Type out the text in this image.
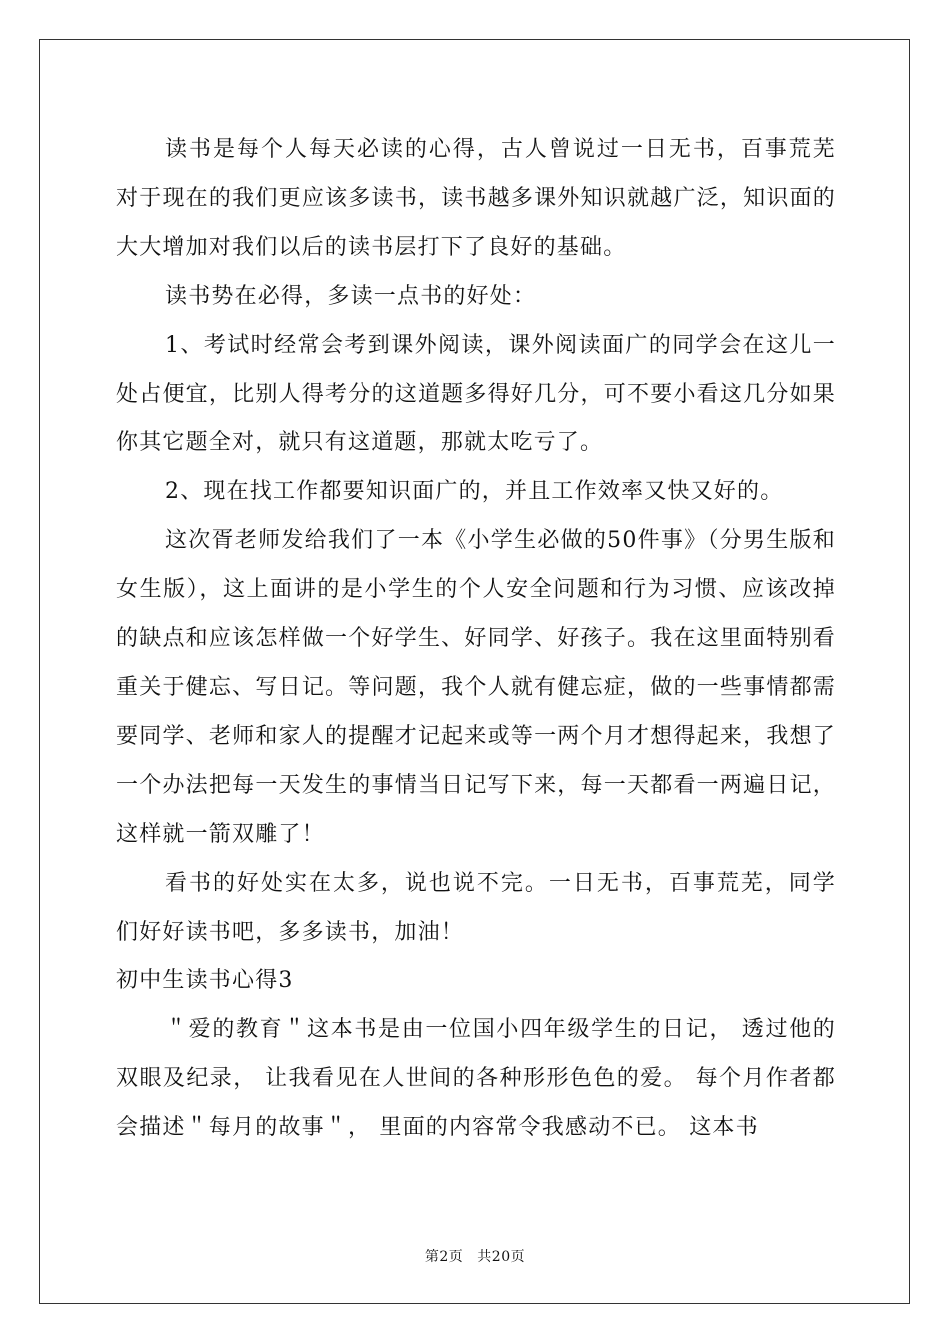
读书是每个人每天必读的心得，古人曾说过一日无书，百事荒芜对于现在的我们更应该多读书，读书越多课外知识就越广泛，知识面的大大增加对我们以后的读书层打下了良好的基础。

读书势在必得，多读一点书的好处：

1、考试时经常会考到课外阅读，课外阅读面广的同学会在这儿一处占便宜，比别人得考分的这道题多得好几分，可不要小看这几分如果你其它题全对，就只有这道题，那就太吃亏了。

2、现在找工作都要知识面广的，并且工作效率又快又好的。

这次胥老师发给我们了一本《小学生必做的50件事》（分男生版和女生版），这上面讲的是小学生的个人安全问题和行为习惯、应该改掉的缺点和应该怎样做一个好学生、好同学、好孩子。我在这里面特别看重关于健忘、写日记。等问题，我个人就有健忘症，做的一些事情都需要同学、老师和家人的提醒才记起来或等一两个月才想得起来，我想了一个办法把每一天发生的事情当日记写下来，每一天都看一两遍日记，这样就一箭双雕了！

看书的好处实在太多，说也说不完。一日无书，百事荒芜，同学们好好读书吧，多多读书，加油！

初中生读书心得3

＂爱的教育＂这本书是由一位国小四年级学生的日记， 透过他的双眼及纪录， 让我看见在人世间的各种形形色色的爱。 每个月作者都会描述＂每月的故事＂， 里面的内容常令我感动不已。 这本书

第2页 共20页
